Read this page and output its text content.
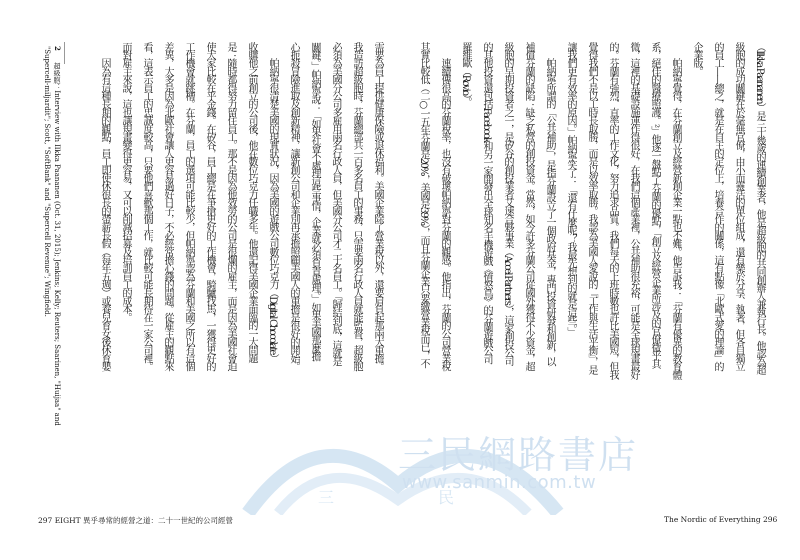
（Ilkka Paananen）是三十幾歲的連續創業者，他是超級胞的共同創辦人兼執行長。他認為超
級胞的成功關鍵在於毫無官僚，由小而靈活的單位組成，還有樂於分享、執著，但各自獨立
的員工——總之，就是在自主的定位上，培養合作的關係，這有點像「北歐式愛的理論」的
企業版。
　　帕納寧覺得，在芬蘭創立及經營新創企業一點也不難。他告訴我：「芬蘭有優異的教育體
系，絕佳的醫療照護。²」他逐一盤點了芬蘭的優點，「創立及經營企業所涉及的官僚微乎其
微，這裡的基礎設施運作得很好，在我們這個產業裡，公共補助很充裕，可能是全球規畫最好
的。芬蘭有強烈、直率的工作文化，努力追求品質。我們每天的上班時數也許比美國短，但我
覺得我們不是以工時長取勝，而是以效率取勝。我認為美國人愛說的『工作與生活平衡』，是
讓我們更有效率的原因。」帕納寧笑了：「還有什麼呢？我最先想到的就是這些。」
　　帕納寧所謂的「公共補助」，是指芬蘭設立了一個政府基金，專門投資研發和創新，以
補償芬蘭的缺陷：缺乏私營的創投資金。當然，如今許多芬蘭公司從國外獲得不少資金，超
級胞的早期投資者之一，是矽谷的創投業者艾速合夥事業（Accel Partners），這家創投公司
的其他投資還包括Facebook和另一家開發出全球知名手機遊戲《憤怒鳥》的芬蘭遊戲公司
羅維歐（Rovio）。
　　連續傳很高的芬蘭稅率，也沒有破壞帕納寧對芬蘭的觀感。他指出，芬蘭的公司營業稅
其實比較低（二○一五年芬蘭是20%，美國是39%），而且芬蘭企業只要繳營業稅而已，不
需要為員工提供健康保險或退休福利。美國企業除了營業稅以外，還要肩負起那兩大重擔。
我造訪超級胞時，芬蘭總部共一百多名員工的事務，只需要兩名行政人員就能監督，超級胞
必須為美國分公司多雇用兩名行政人員，但美國分公司才二十名員工。「歸結到底，這就是
關鍵。」帕納寧說：「如果社會不處理這些事情，企業就必須負責處理。」如果美國那麼擔
心扼殺冒險進取及創新精神，讓新創公司和企業別再承擔照顧美國人的重擔是很好的開始。
　　帕納寧很清楚美國的現實狀況，因為美國的遊戲公司數位巧克力（Digital Chocolate）
收購他之前創立的公司後，他在數位巧克力任職多年。他還記得美國企業面臨的一大問題
是：隨時都得努力留住員工。那不是因為他效勞的公司是很爛的雇主，而是因為美國社會迫
使大家比較在乎金錢。在矽谷，員工總是在爭搶更好的工作機會，騎驢找馬，一獲得更好的
工作機會就跳槽。在芬蘭，員工的選項可能比較少，但帕納寧認為芬蘭和美國之所以有這個
差異，大多是因為北歐社會讓人更容易過好日子，不必經常擔心錢的問題。從雇主的觀點來
看，這表示員工的忠誠度較高，只要他們喜歡那個工作，就比較可能長期待在一家公司裡。
而對雇主來說，這也讓規畫變得更容易，又可以削減招募及培訓員工的成本。
　　因為有這種長期的觀點，員工即使休很長的帶薪長假（每年五週）或養兒育女後休育嬰
2 　 超級胞：Interview with Ilkka Paananen (Oct. 31, 2015); Jenkins; Kelly; Reuters; Saarinen, "Huijaa" and "Supercell-miljardit"; Scott, "SoftBank" and "Supercell Revenue"; Wingfield.
297 EIGHT 異乎尋常的經營之道：二十一世紀的公司經營	The Nordic of Everything 296
三	民
三民網路書店
www.sanmin.com.tw
